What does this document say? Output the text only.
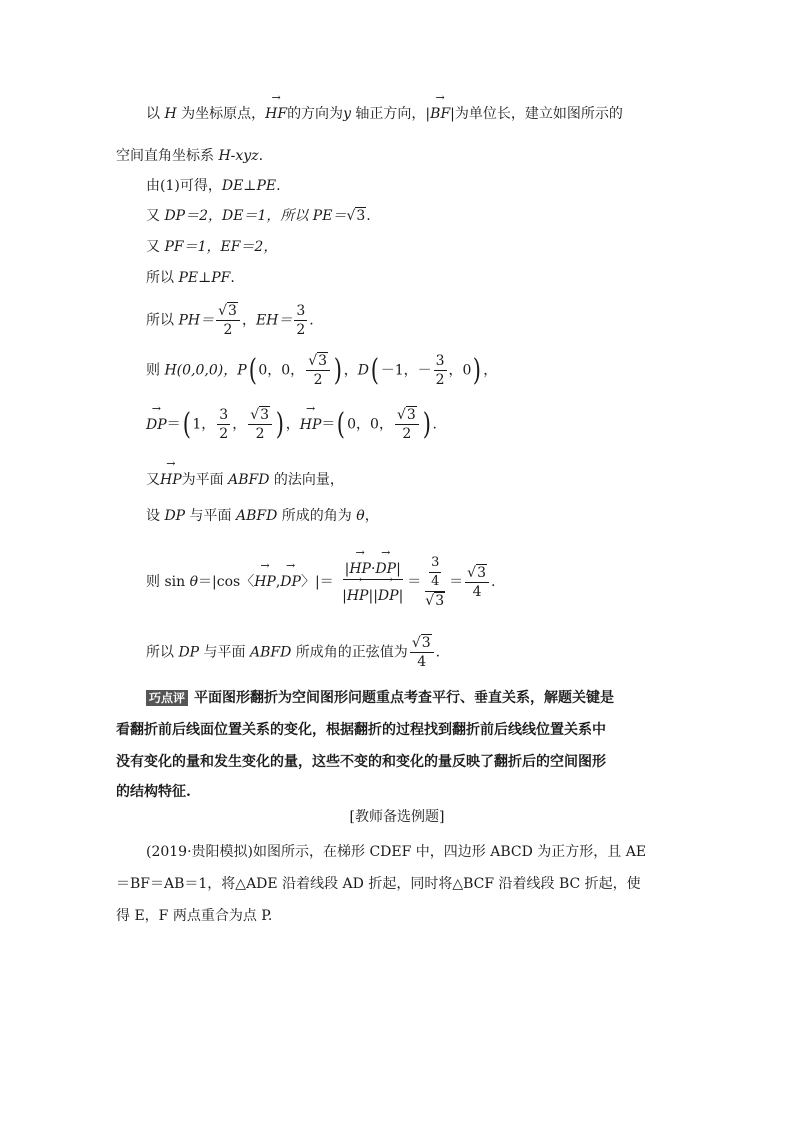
以 H 为坐标原点，→ HF的方向为y 轴正方向，|→ BF|为单位长，建立如图所示的
空间直角坐标系 H-xyz.
由(1)可得，DE⊥PE.
又 DP＝2，DE＝1，所以 PE＝√3.
又 PF＝1，EF＝2，
所以 PE⊥PF.
所以 $PH= \frac{√3}{2}$ ，$EH= \frac{3}{2}$ .
则 H(0,0,0)，P( 0，0， $\frac{√3}{2}$ ) ，D( －1，－ $\frac{3}{2}$ ，0) ，
→ DP＝( 1， $\frac{3}{2}$ ， $\frac{√3}{2}$ ) ，→ HP＝( 0，0， $\frac{√3}{2}$ ) .
又→ HP为平面 ABFD 的法向量，
设 DP 与平面 ABFD 所成的角为 θ，
则 sin θ＝|cos〈→ HP,→ DP〉|＝ $\frac{|\to HP\cdot\to DP|}{|\to HP||\to DP|} = \frac{\frac{3}{4}}{√3} = \frac{√3}{4}$ .
所以 DP 与平面 ABFD 所成角的正弦值为 $\frac{√3}{4}$ .
巧点评 平面图形翻折为空间图形问题重点考查平行、垂直关系，解题关键是
看翻折前后线面位置关系的变化，根据翻折的过程找到翻折前后线线位置关系中
没有变化的量和发生变化的量，这些不变的和变化的量反映了翻折后的空间图形
的结构特征.
[教师备选例题]
(2019·贵阳模拟)如图所示，在梯形 CDEF 中，四边形 ABCD 为正方形，且 AE
＝BF＝AB＝1，将△ADE 沿着线段 AD 折起，同时将△BCF 沿着线段 BC 折起，使
得 E，F 两点重合为点 P.
